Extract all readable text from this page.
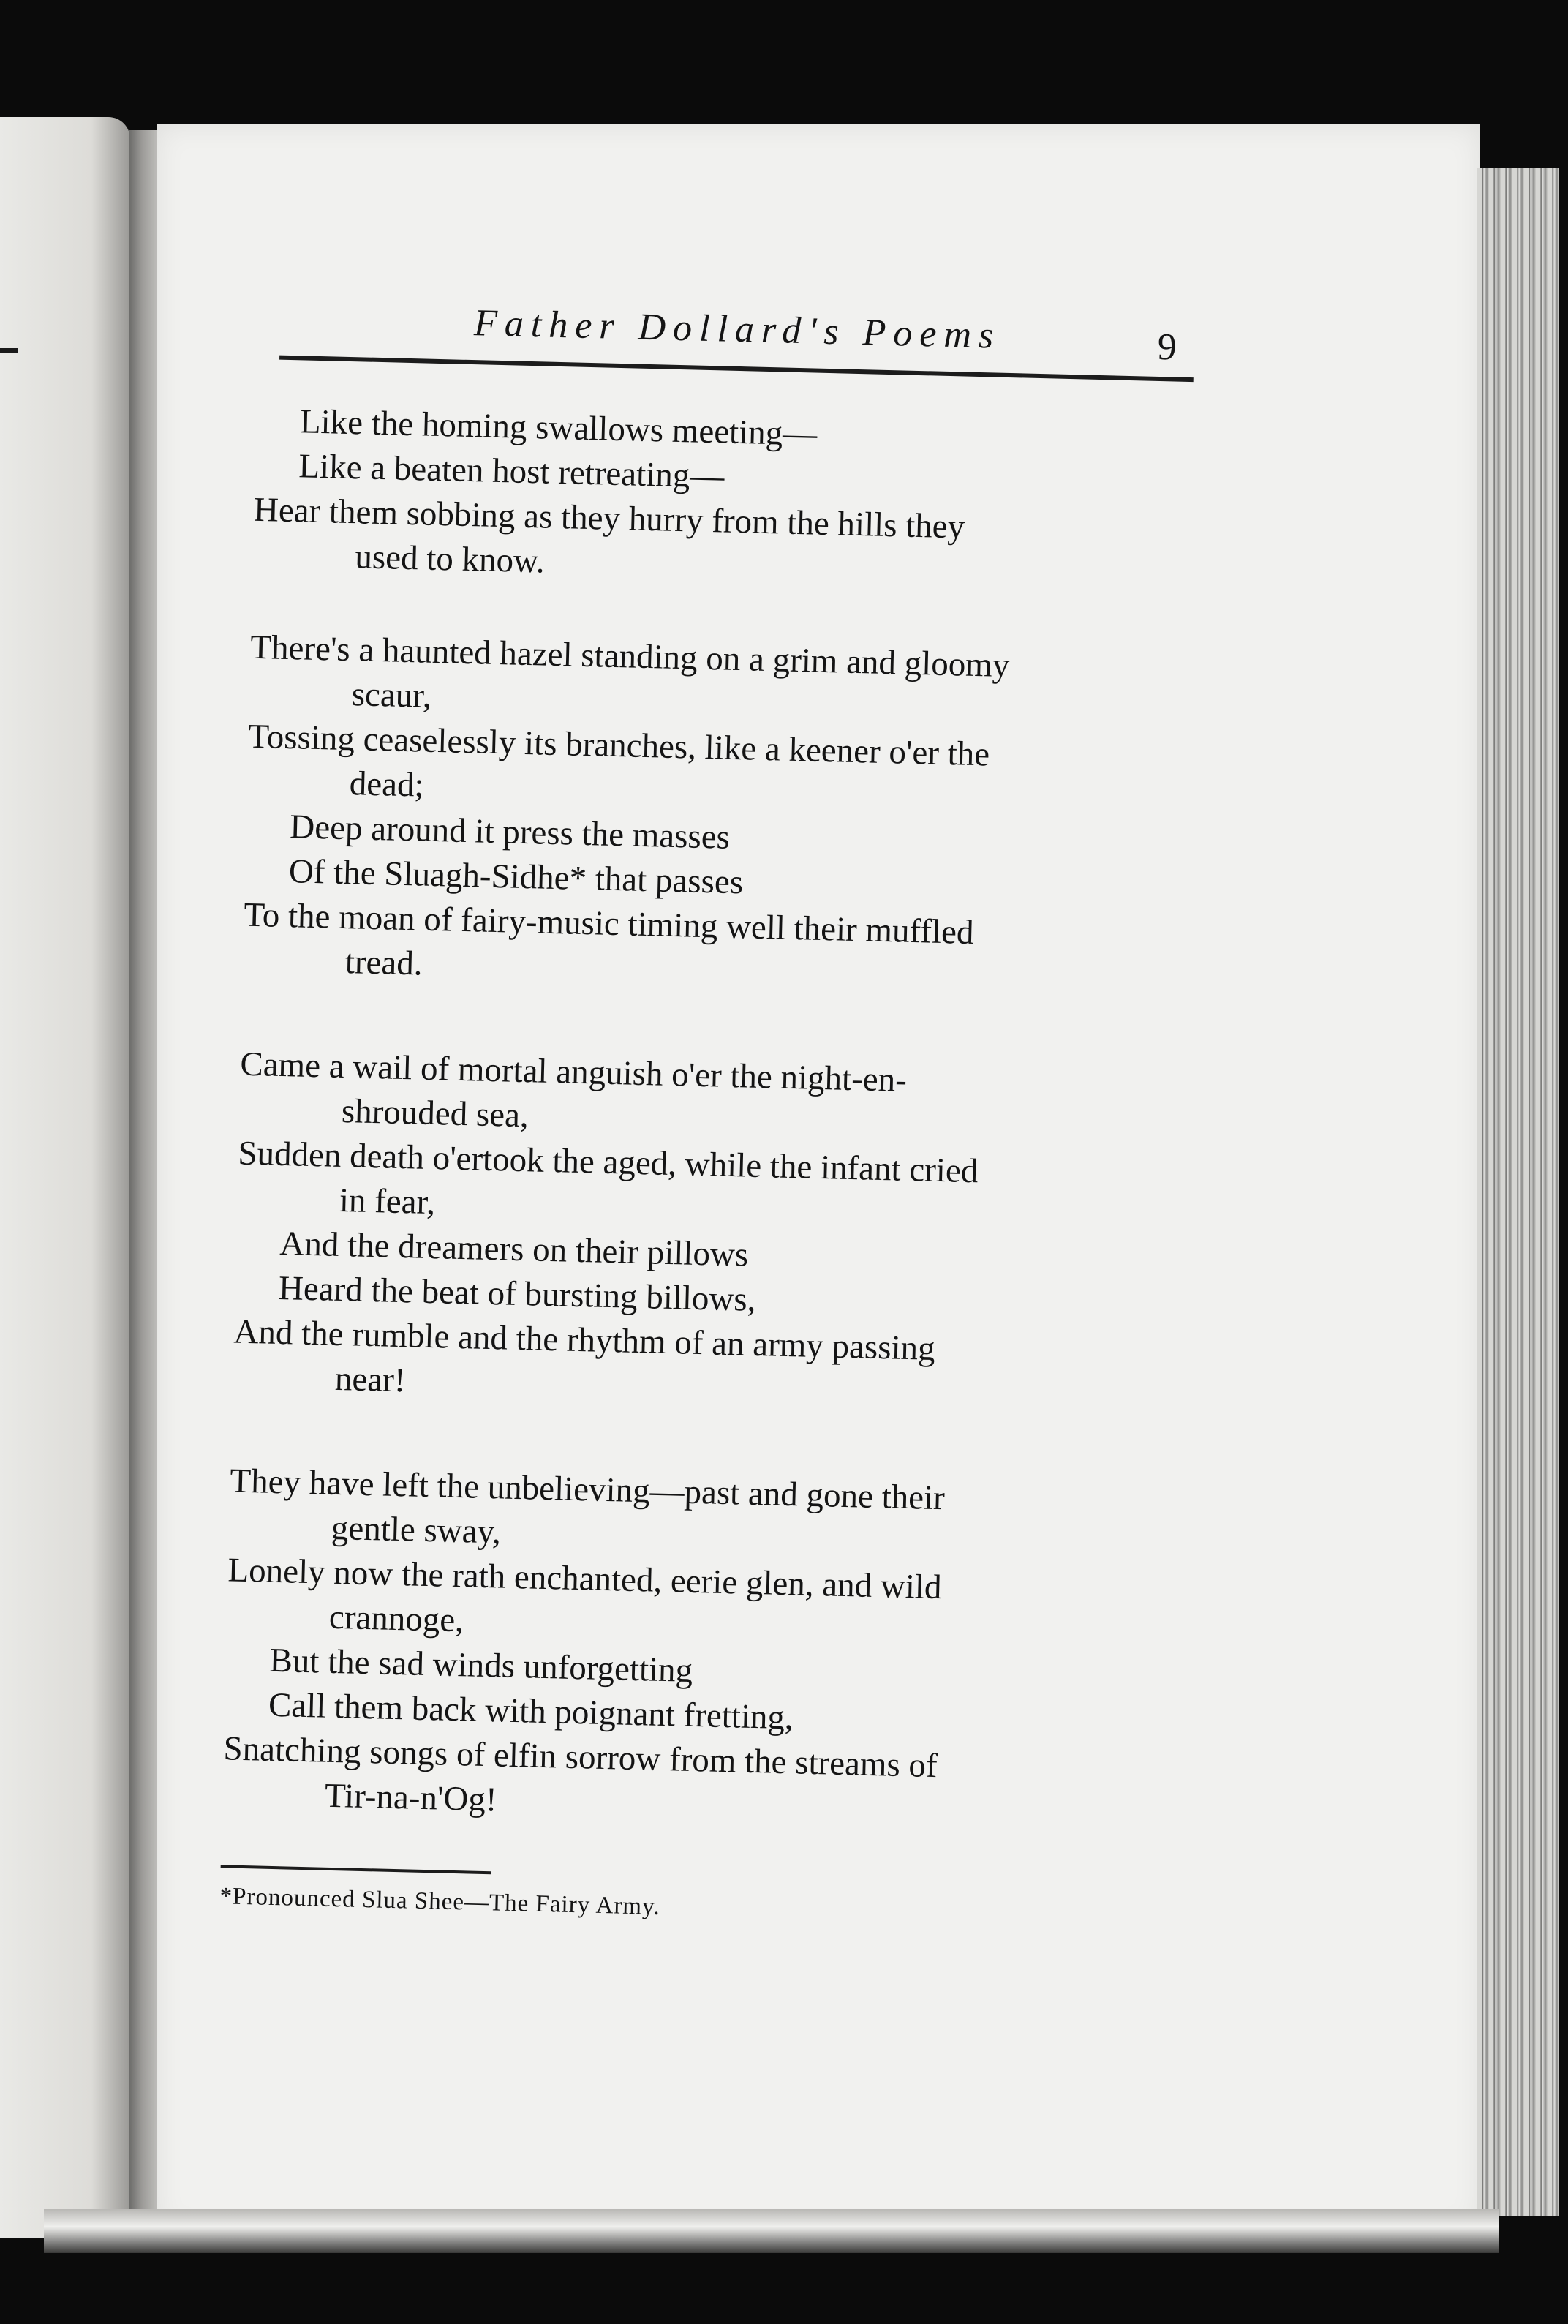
Father Dollard's Poems	9
Like the homing swallows meeting—
Like a beaten host retreating—
Hear them sobbing as they hurry from the hills they
used to know.
There's a haunted hazel standing on a grim and gloomy
scaur,
Tossing ceaselessly its branches, like a keener o'er the
dead;
Deep around it press the masses
Of the Sluagh-Sidhe* that passes
To the moan of fairy-music timing well their muffled
tread.
Came a wail of mortal anguish o'er the night-en-
shrouded sea,
Sudden death o'ertook the aged, while the infant cried
in fear,
And the dreamers on their pillows
Heard the beat of bursting billows,
And the rumble and the rhythm of an army passing
near!
They have left the unbelieving—past and gone their
gentle sway,
Lonely now the rath enchanted, eerie glen, and wild
crannoge,
But the sad winds unforgetting
Call them back with poignant fretting,
Snatching songs of elfin sorrow from the streams of
Tir-na-n'Og!
*Pronounced Slua Shee—The Fairy Army.
